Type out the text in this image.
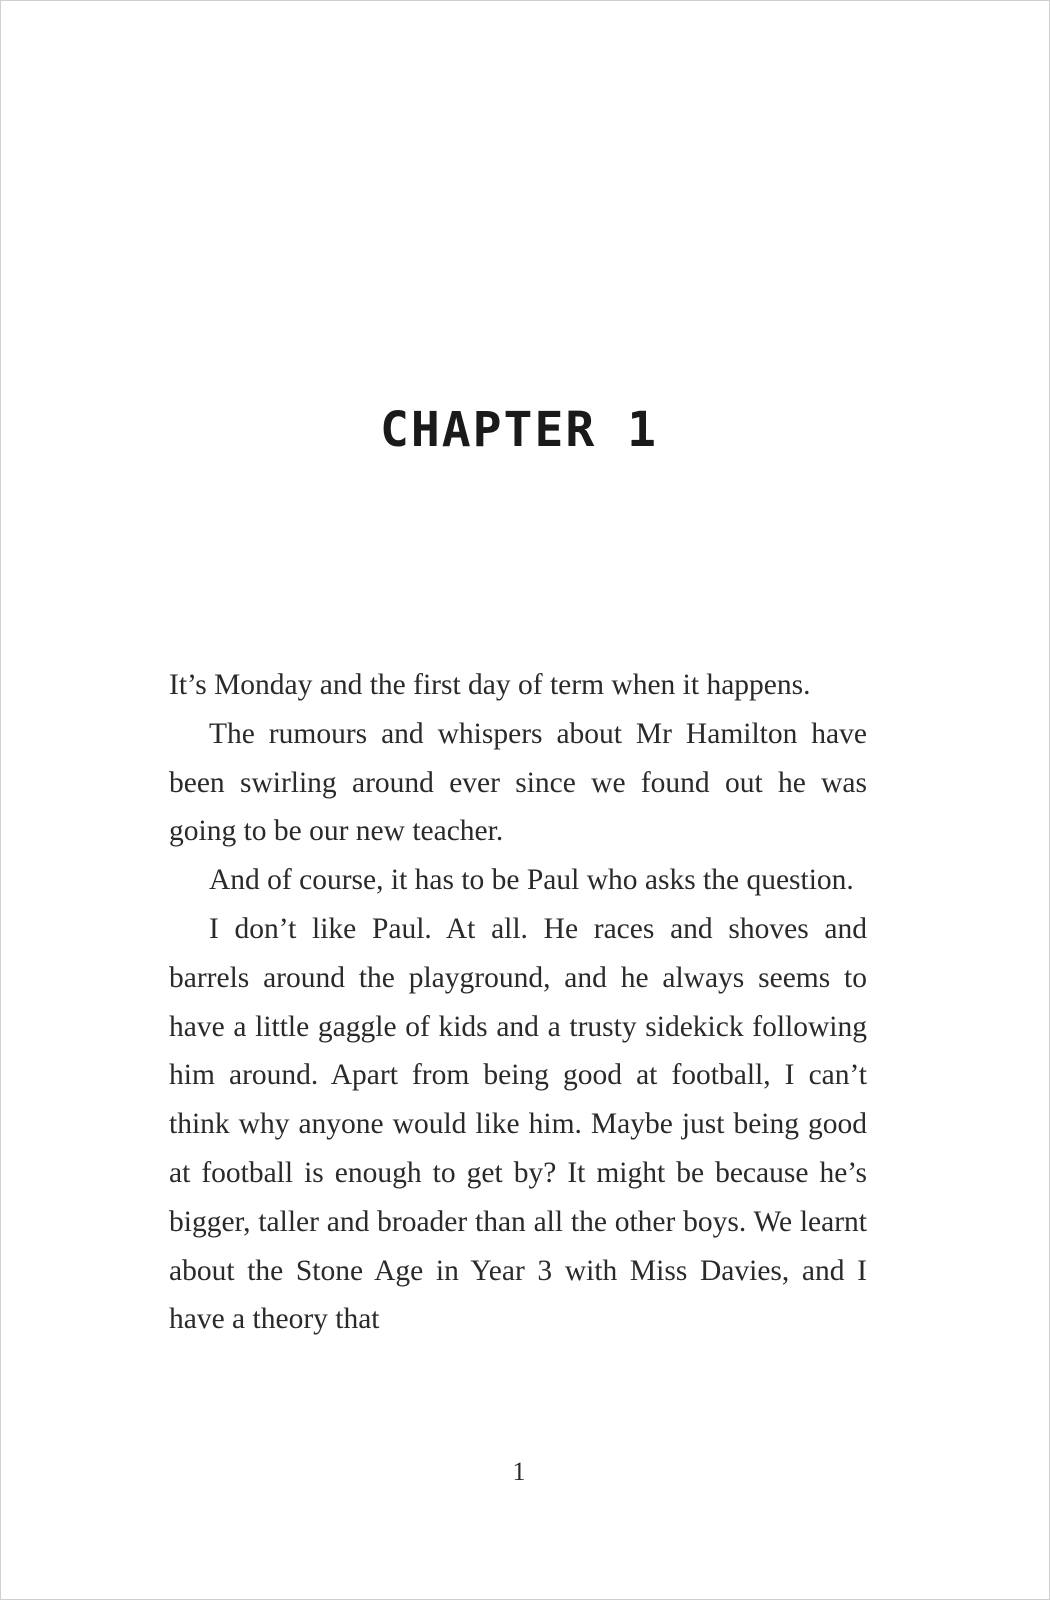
CHAPTER 1

It’s Monday and the first day of term when it happens.

The rumours and whispers about Mr Hamilton have been swirling around ever since we found out he was going to be our new teacher.

And of course, it has to be Paul who asks the question.

I don’t like Paul. At all. He races and shoves and barrels around the playground, and he always seems to have a little gaggle of kids and a trusty sidekick following him around. Apart from being good at football, I can’t think why anyone would like him. Maybe just being good at football is enough to get by? It might be because he’s bigger, taller and broader than all the other boys. We learnt about the Stone Age in Year 3 with Miss Davies, and I have a theory that

1
